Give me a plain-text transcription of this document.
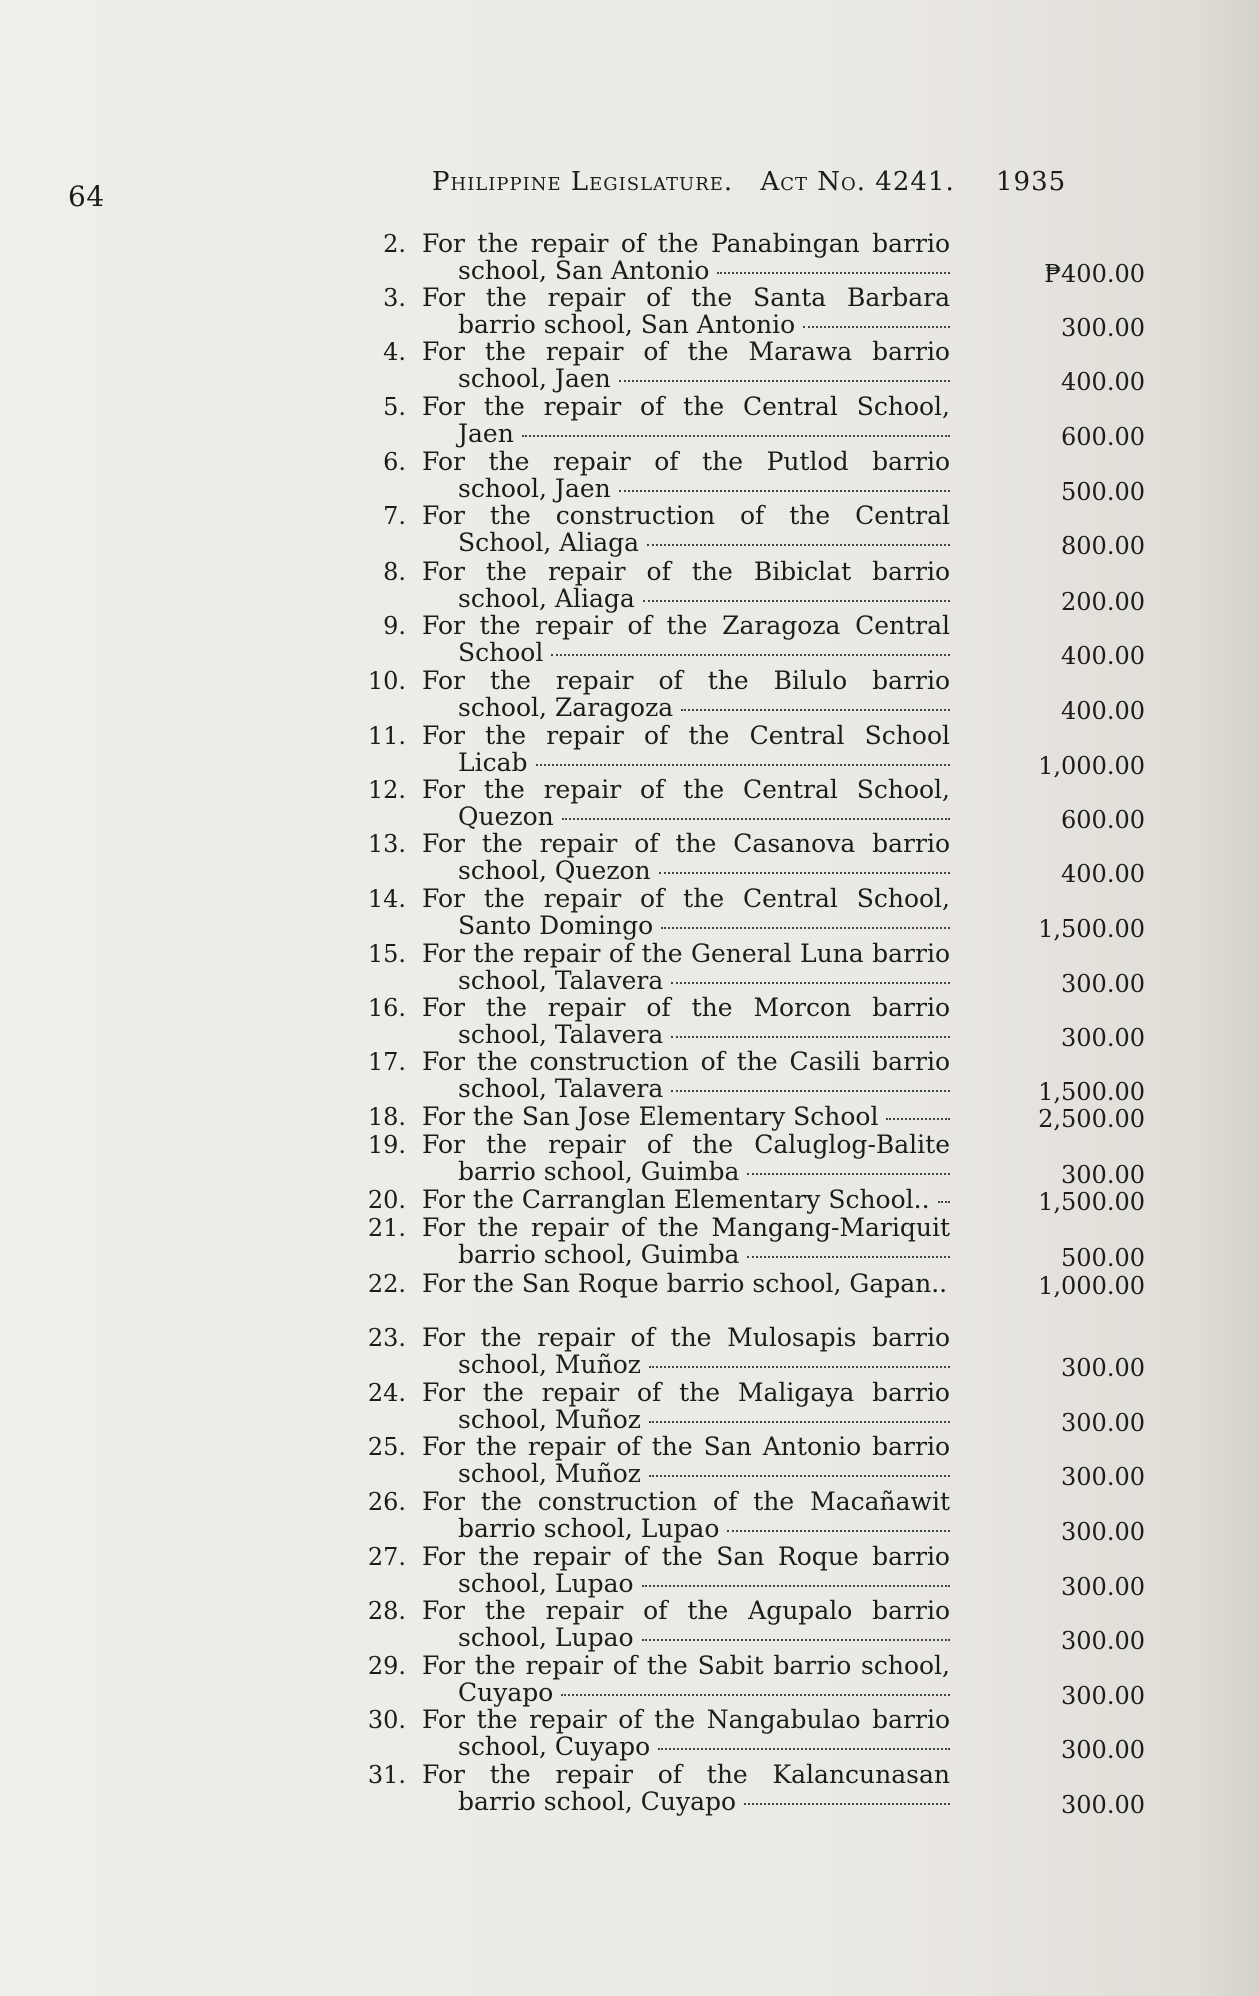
64	Philippine Legislature. Act No. 4241. 1935
2. For the repair of the Panabingan barrio
school, San Antonio	₱400.00
3. For the repair of the Santa Barbara
barrio school, San Antonio	300.00
4. For the repair of the Marawa barrio
school, Jaen	400.00
5. For the repair of the Central School,
Jaen	600.00
6. For the repair of the Putlod barrio
school, Jaen	500.00
7. For the construction of the Central
School, Aliaga	800.00
8. For the repair of the Bibiclat barrio
school, Aliaga	200.00
9. For the repair of the Zaragoza Central
School	400.00
10. For the repair of the Bilulo barrio
school, Zaragoza	400.00
11. For the repair of the Central School
Licab	1,000.00
12. For the repair of the Central School,
Quezon	600.00
13. For the repair of the Casanova barrio
school, Quezon	400.00
14. For the repair of the Central School,
Santo Domingo	1,500.00
15. For the repair of the General Luna barrio
school, Talavera	300.00
16. For the repair of the Morcon barrio
school, Talavera	300.00
17. For the construction of the Casili barrio
school, Talavera	1,500.00
18. For the San Jose Elementary School	2,500.00
19. For the repair of the Caluglog-Balite
barrio school, Guimba	300.00
20. For the Carranglan Elementary School..	1,500.00
21. For the repair of the Mangang-Mariquit
barrio school, Guimba	500.00
22. For the San Roque barrio school, Gapan..	1,000.00
23. For the repair of the Mulosapis barrio
school, Muñoz	300.00
24. For the repair of the Maligaya barrio
school, Muñoz	300.00
25. For the repair of the San Antonio barrio
school, Muñoz	300.00
26. For the construction of the Macañawit
barrio school, Lupao	300.00
27. For the repair of the San Roque barrio
school, Lupao	300.00
28. For the repair of the Agupalo barrio
school, Lupao	300.00
29. For the repair of the Sabit barrio school,
Cuyapo	300.00
30. For the repair of the Nangabulao barrio
school, Cuyapo	300.00
31. For the repair of the Kalancunasan
barrio school, Cuyapo	300.00
